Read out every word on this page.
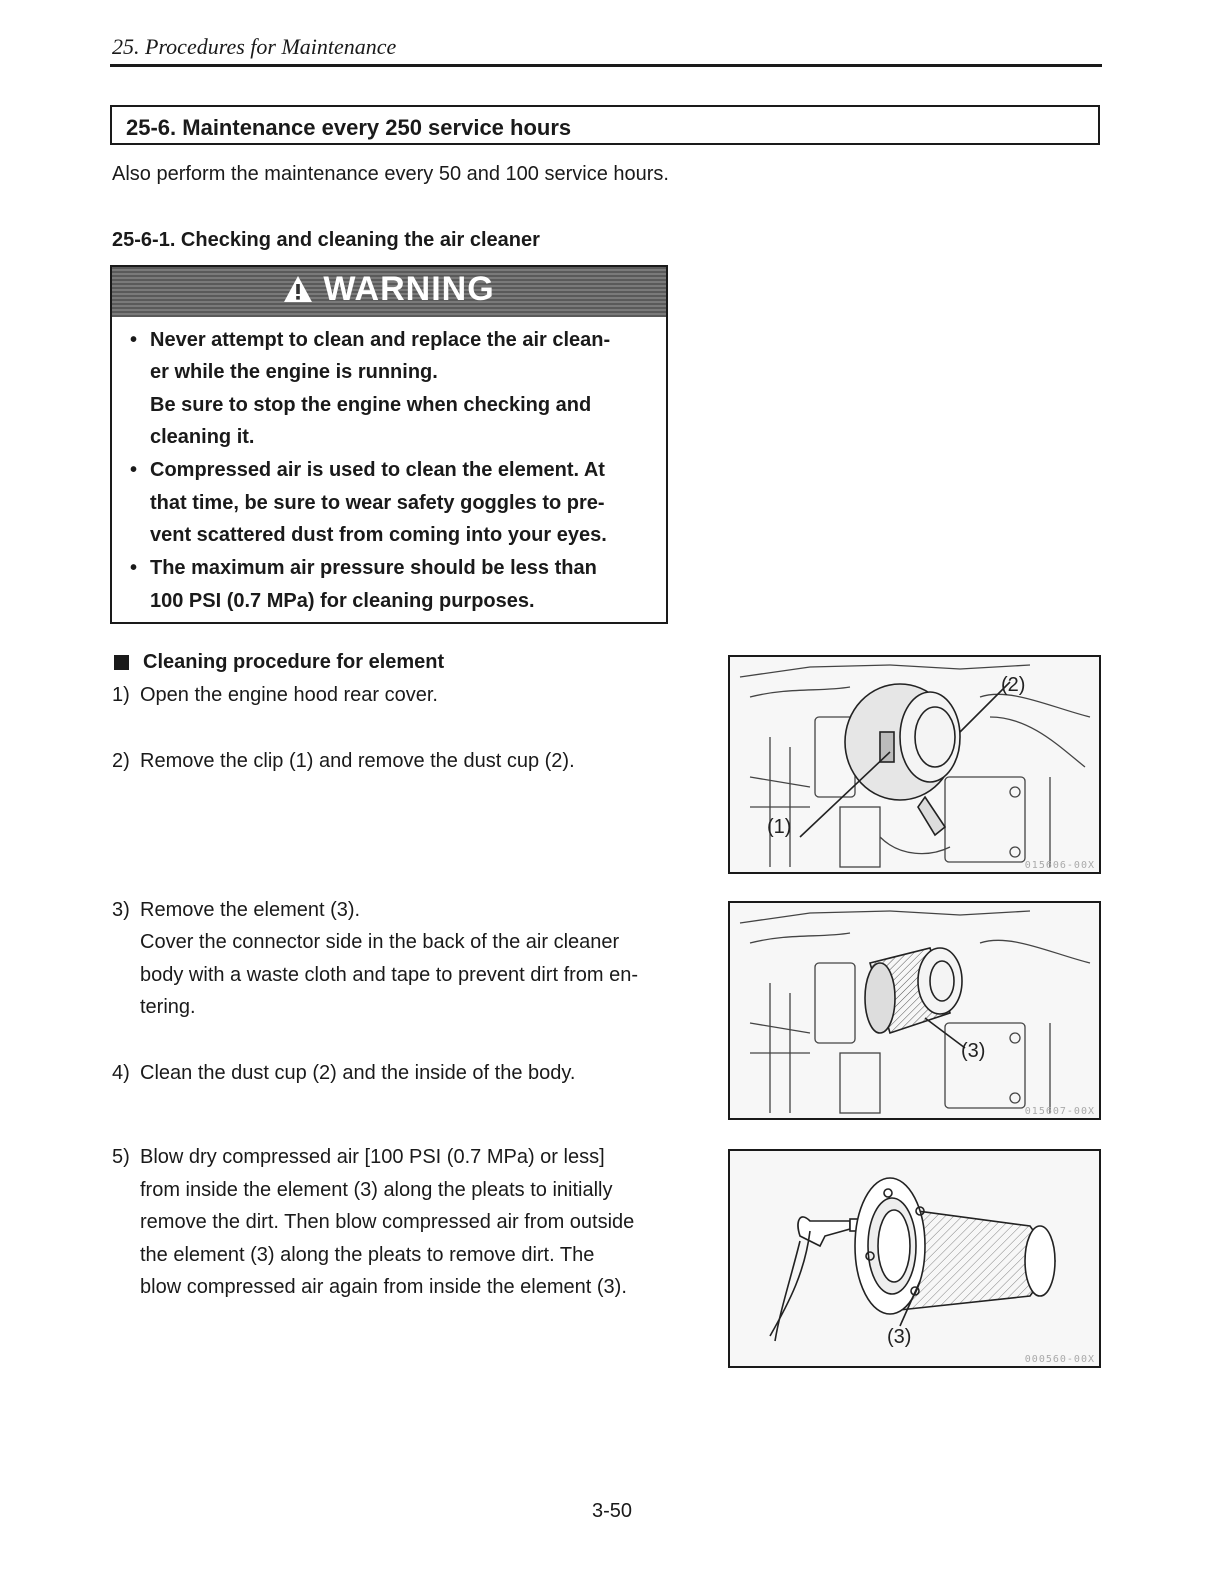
25. Procedures for Maintenance
25-6. Maintenance every 250 service hours
Also perform the maintenance every 50 and 100 service hours.
25-6-1. Checking and cleaning the air cleaner
WARNING
• Never attempt to clean and replace the air clean-
er while the engine is running.
Be sure to stop the engine when checking and
cleaning it.
• Compressed air is used to clean the element. At
that time, be sure to wear safety goggles to pre-
vent scattered dust from coming into your eyes.
• The maximum air pressure should be less than
100 PSI (0.7 MPa) for cleaning purposes.
Cleaning procedure for element
1) Open the engine hood rear cover.
2) Remove the clip (1) and remove the dust cup (2).
3) Remove the element (3).
Cover the connector side in the back of the air cleaner
body with a waste cloth and tape to prevent dirt from en-
tering.
4) Clean the dust cup (2) and the inside of the body.
5) Blow dry compressed air [100 PSI (0.7 MPa) or less]
from inside the element (3) along the pleats to initially
remove the dirt. Then blow compressed air from outside
the element (3) along the pleats to remove dirt. The
blow compressed air again from inside the element (3).
(2)
(1)
015606-00X
(3)
015607-00X
(3)
000560-00X
3-50
